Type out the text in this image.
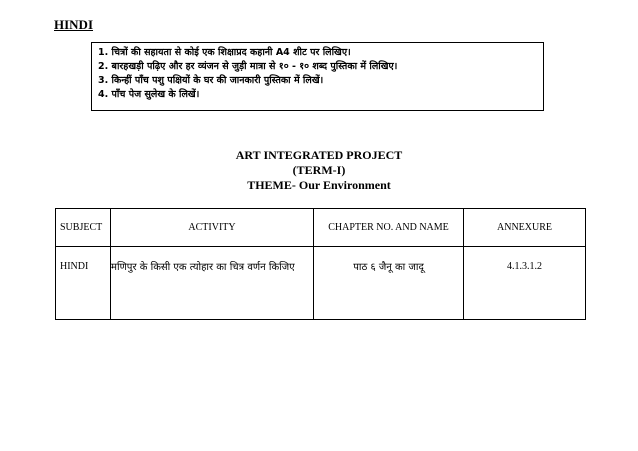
HINDI
1. चित्रों की सहायता से कोई एक शिक्षाप्रद कहानी A4 शीट पर लिखिए।
2. बारहखड़ी पढ़िए और हर व्यंजन से जुड़ी मात्रा से १० - १० शब्द पुस्तिका में लिखिए।
3. किन्हीं पाँच पशु पक्षियों के घर की जानकारी पुस्तिका में लिखें।
4. पाँच पेज सुलेख के लिखें।
ART INTEGRATED PROJECT
(TERM-I)
THEME- Our Environment
SUBJECT	ACTIVITY	CHAPTER NO. AND NAME	ANNEXURE
HINDI	मणिपुर के किसी एक त्योहार का चित्र वर्णन किजिए	पाठ ६ जैनू का जादू	4.1.3.1.2
